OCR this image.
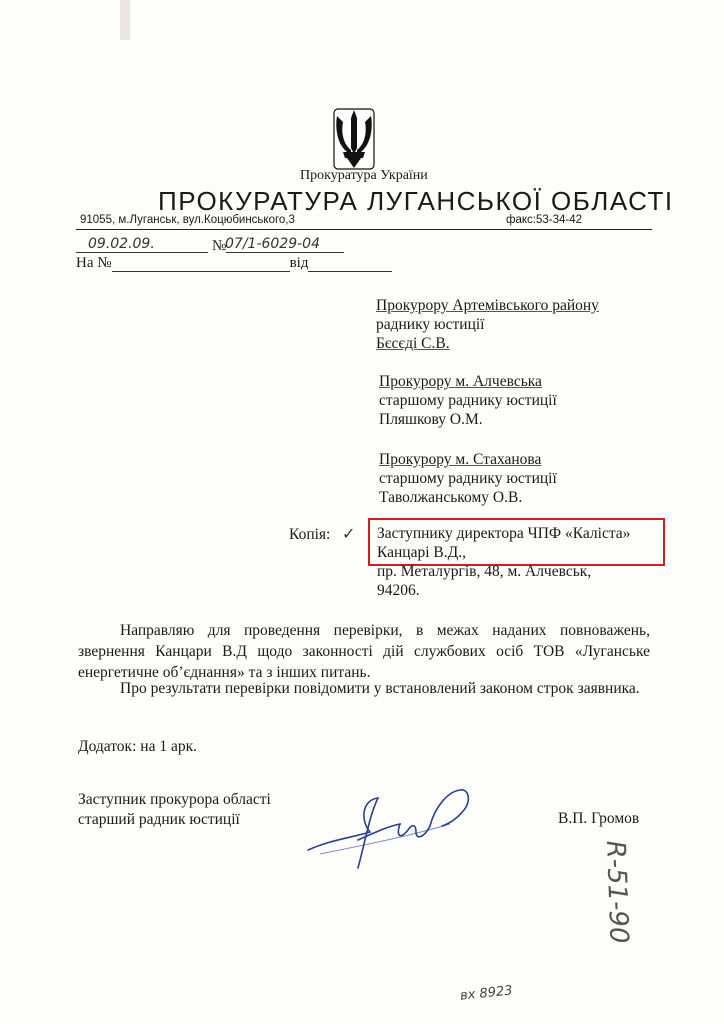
Прокуратура України
ПРОКУРАТУРА ЛУГАНСЬКОЇ ОБЛАСТІ
91055, м.Луганськ, вул.Коцюбинського,3	факс:53-34-42
09.02.09.	№
07/1-6029-04
На №	від
Прокурору Артемівського району
раднику юстиції
Бєсєді С.В.
Прокурору м. Алчевська
старшому раднику юстиції
Пляшкову О.М.
Прокурору м. Стаханова
старшому раднику юстиції
Таволжанському О.В.
Копія: ✓ Заступнику директора ЧПФ «Каліста»
Канцарі В.Д.,
пр. Металургів, 48, м. Алчевськ,
94206.
Направляю для проведення перевірки, в межах наданих повноважень, звернення Канцари В.Д щодо законності дій службових осіб ТОВ «Луганське енергетичне об’єднання» та з інших питань.
Про результати перевірки повідомити у встановлений законом строк заявника.
Додаток: на 1 арк.
Заступник прокурора області
старший радник юстиції	В.П. Громов
R-51-90
вх 8923
